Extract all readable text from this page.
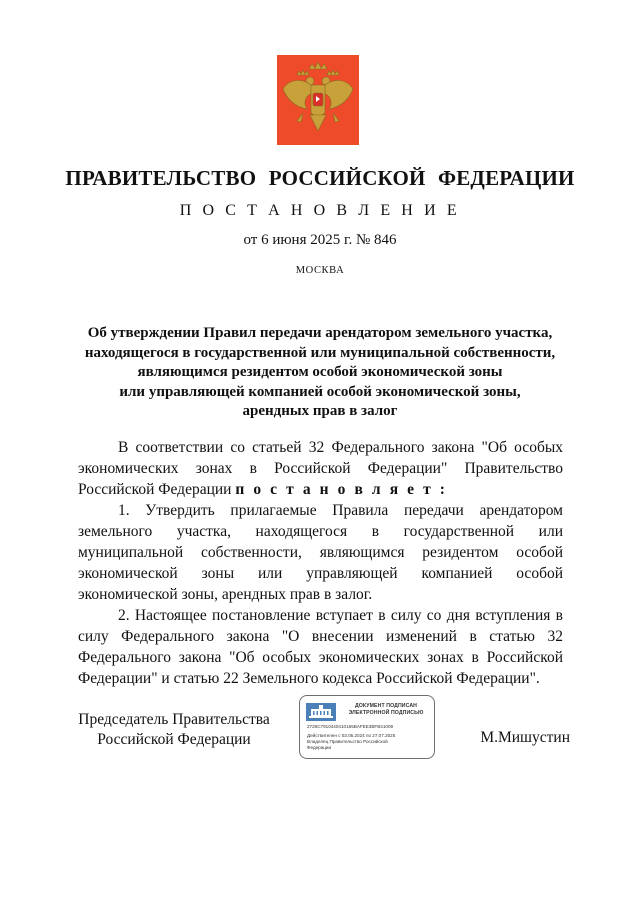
ПРАВИТЕЛЬСТВО РОССИЙСКОЙ ФЕДЕРАЦИИ
П О С Т А Н О В Л Е Н И Е
от 6 июня 2025 г. № 846
МОСКВА
Об утверждении Правил передачи арендатором земельного участка,
находящегося в государственной или муниципальной собственности,
являющимся резидентом особой экономической зоны
или управляющей компанией особой экономической зоны,
арендных прав в залог

В соответствии со статьей 32 Федерального закона "Об особых экономических зонах в Российской Федерации" Правительство Российской Федерации п о с т а н о в л я е т :

1. Утвердить прилагаемые Правила передачи арендатором земельного участка, находящегося в государственной или муниципальной собственности, являющимся резидентом особой экономической зоны или управляющей компанией особой экономической зоны, арендных прав в залог.

2. Настоящее постановление вступает в силу со дня вступления в силу Федерального закона "О внесении изменений в статью 32 Федерального закона "Об особых экономических зонах в Российской Федерации" и статью 22 Земельного кодекса Российской Федерации".

Председатель Правительства
Российской Федерации
ДОКУМЕНТ ПОДПИСАН
ЭЛЕКТРОННОЙ ПОДПИСЬЮ
2726C7910440410165BAFEE3BFB41009
Действителен с 03.05.2024 по 27.07.2025
Владелец Правительство Российской
Федерации
М.Мишустин
